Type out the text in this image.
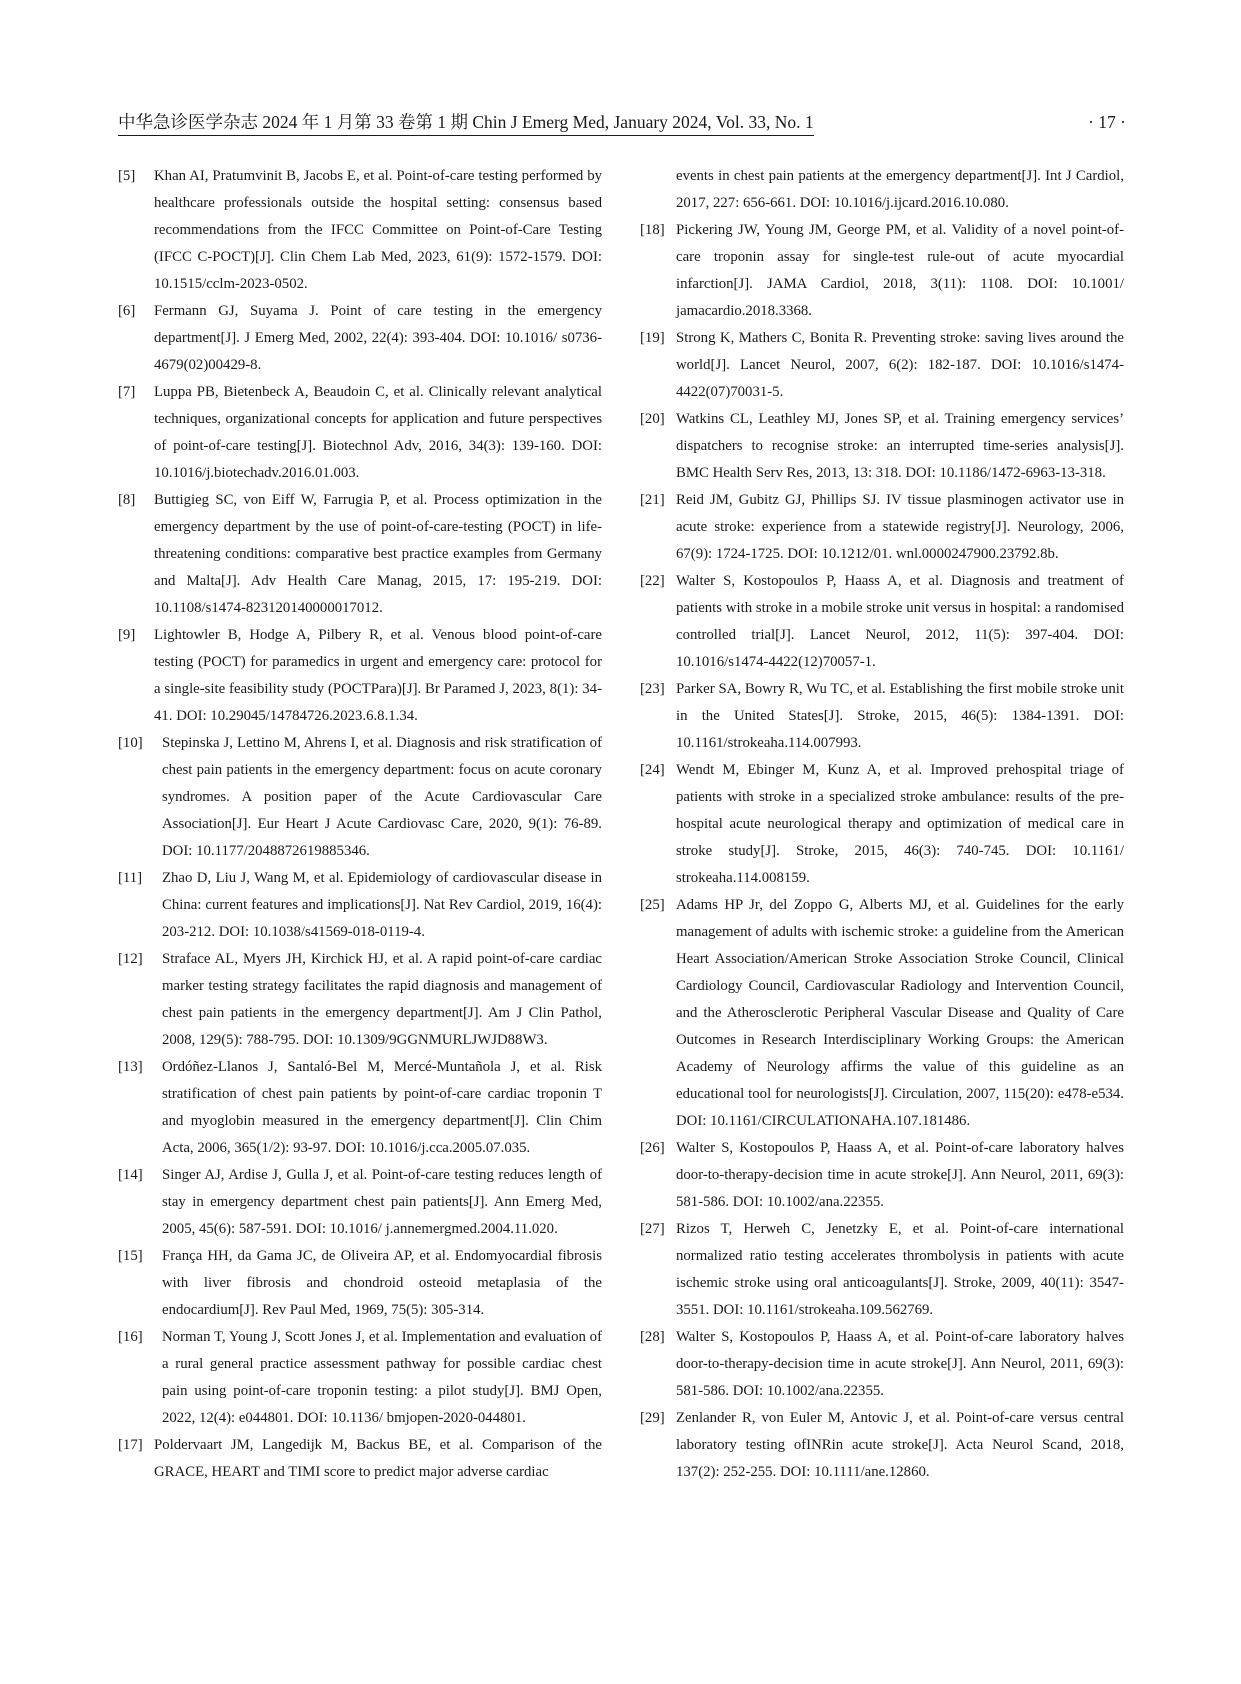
中华急诊医学杂志 2024 年 1 月第 33 卷第 1 期 Chin J Emerg Med, January 2024, Vol. 33, No. 1	· 17 ·
[5]	Khan AI, Pratumvinit B, Jacobs E, et al. Point-of-care testing performed by healthcare professionals outside the hospital setting: consensus based recommendations from the IFCC Committee on Point-of-Care Testing (IFCC C-POCT)[J]. Clin Chem Lab Med, 2023, 61(9): 1572-1579. DOI: 10.1515/cclm-2023-0502.
[6]	Fermann GJ, Suyama J. Point of care testing in the emergency department[J]. J Emerg Med, 2002, 22(4): 393-404. DOI: 10.1016/ s0736-4679(02)00429-8.
[7]	Luppa PB, Bietenbeck A, Beaudoin C, et al. Clinically relevant analytical techniques, organizational concepts for application and future perspectives of point-of-care testing[J]. Biotechnol Adv, 2016, 34(3): 139-160. DOI: 10.1016/j.biotechadv.2016.01.003.
[8]	Buttigieg SC, von Eiff W, Farrugia P, et al. Process optimization in the emergency department by the use of point-of-care-testing (POCT) in life-threatening conditions: comparative best practice examples from Germany and Malta[J]. Adv Health Care Manag, 2015, 17: 195-219. DOI: 10.1108/s1474-823120140000017012.
[9]	Lightowler B, Hodge A, Pilbery R, et al. Venous blood point-of-care testing (POCT) for paramedics in urgent and emergency care: protocol for a single-site feasibility study (POCTPara)[J]. Br Paramed J, 2023, 8(1): 34-41. DOI: 10.29045/14784726.2023.6.8.1.34.
[10]	Stepinska J, Lettino M, Ahrens I, et al. Diagnosis and risk stratification of chest pain patients in the emergency department: focus on acute coronary syndromes. A position paper of the Acute Cardiovascular Care Association[J]. Eur Heart J Acute Cardiovasc Care, 2020, 9(1): 76-89. DOI: 10.1177/2048872619885346.
[11]	Zhao D, Liu J, Wang M, et al. Epidemiology of cardiovascular disease in China: current features and implications[J]. Nat Rev Cardiol, 2019, 16(4): 203-212. DOI: 10.1038/s41569-018-0119-4.
[12]	Straface AL, Myers JH, Kirchick HJ, et al. A rapid point-of-care cardiac marker testing strategy facilitates the rapid diagnosis and management of chest pain patients in the emergency department[J]. Am J Clin Pathol, 2008, 129(5): 788-795. DOI: 10.1309/9GGNMURLJWJD88W3.
[13]	Ordóñez-Llanos J, Santaló-Bel M, Mercé-Muntañola J, et al. Risk stratification of chest pain patients by point-of-care cardiac troponin T and myoglobin measured in the emergency department[J]. Clin Chim Acta, 2006, 365(1/2): 93-97. DOI: 10.1016/j.cca.2005.07.035.
[14]	Singer AJ, Ardise J, Gulla J, et al. Point-of-care testing reduces length of stay in emergency department chest pain patients[J]. Ann Emerg Med, 2005, 45(6): 587-591. DOI: 10.1016/ j.annemergmed.2004.11.020.
[15]	França HH, da Gama JC, de Oliveira AP, et al. Endomyocardial fibrosis with liver fibrosis and chondroid osteoid metaplasia of the endocardium[J]. Rev Paul Med, 1969, 75(5): 305-314.
[16]	Norman T, Young J, Scott Jones J, et al. Implementation and evaluation of a rural general practice assessment pathway for possible cardiac chest pain using point-of-care troponin testing: a pilot study[J]. BMJ Open, 2022, 12(4): e044801. DOI: 10.1136/ bmjopen-2020-044801.
[17] Poldervaart JM, Langedijk M, Backus BE, et al. Comparison of the GRACE, HEART and TIMI score to predict major adverse cardiac
events in chest pain patients at the emergency department[J]. Int J Cardiol, 2017, 227: 656-661. DOI: 10.1016/j.ijcard.2016.10.080.
[18] Pickering JW, Young JM, George PM, et al. Validity of a novel point-of-care troponin assay for single-test rule-out of acute myocardial infarction[J]. JAMA Cardiol, 2018, 3(11): 1108. DOI: 10.1001/ jamacardio.2018.3368.
[19] Strong K, Mathers C, Bonita R. Preventing stroke: saving lives around the world[J]. Lancet Neurol, 2007, 6(2): 182-187. DOI: 10.1016/s1474-4422(07)70031-5.
[20] Watkins CL, Leathley MJ, Jones SP, et al. Training emergency services’ dispatchers to recognise stroke: an interrupted time-series analysis[J]. BMC Health Serv Res, 2013, 13: 318. DOI: 10.1186/1472-6963-13-318.
[21] Reid JM, Gubitz GJ, Phillips SJ. IV tissue plasminogen activator use in acute stroke: experience from a statewide registry[J]. Neurology, 2006, 67(9): 1724-1725. DOI: 10.1212/01. wnl.0000247900.23792.8b.
[22] Walter S, Kostopoulos P, Haass A, et al. Diagnosis and treatment of patients with stroke in a mobile stroke unit versus in hospital: a randomised controlled trial[J]. Lancet Neurol, 2012, 11(5): 397-404. DOI: 10.1016/s1474-4422(12)70057-1.
[23] Parker SA, Bowry R, Wu TC, et al. Establishing the first mobile stroke unit in the United States[J]. Stroke, 2015, 46(5): 1384-1391. DOI: 10.1161/strokeaha.114.007993.
[24] Wendt M, Ebinger M, Kunz A, et al. Improved prehospital triage of patients with stroke in a specialized stroke ambulance: results of the pre-hospital acute neurological therapy and optimization of medical care in stroke study[J]. Stroke, 2015, 46(3): 740-745. DOI: 10.1161/ strokeaha.114.008159.
[25] Adams HP Jr, del Zoppo G, Alberts MJ, et al. Guidelines for the early management of adults with ischemic stroke: a guideline from the American Heart Association/American Stroke Association Stroke Council, Clinical Cardiology Council, Cardiovascular Radiology and Intervention Council, and the Atherosclerotic Peripheral Vascular Disease and Quality of Care Outcomes in Research Interdisciplinary Working Groups: the American Academy of Neurology affirms the value of this guideline as an educational tool for neurologists[J]. Circulation, 2007, 115(20): e478-e534. DOI: 10.1161/CIRCULATIONAHA.107.181486.
[26] Walter S, Kostopoulos P, Haass A, et al. Point-of-care laboratory halves door-to-therapy-decision time in acute stroke[J]. Ann Neurol, 2011, 69(3): 581-586. DOI: 10.1002/ana.22355.
[27] Rizos T, Herweh C, Jenetzky E, et al. Point-of-care international normalized ratio testing accelerates thrombolysis in patients with acute ischemic stroke using oral anticoagulants[J]. Stroke, 2009, 40(11): 3547-3551. DOI: 10.1161/strokeaha.109.562769.
[28] Walter S, Kostopoulos P, Haass A, et al. Point-of-care laboratory halves door-to-therapy-decision time in acute stroke[J]. Ann Neurol, 2011, 69(3): 581-586. DOI: 10.1002/ana.22355.
[29] Zenlander R, von Euler M, Antovic J, et al. Point-of-care versus central laboratory testing ofINRin acute stroke[J]. Acta Neurol Scand, 2018, 137(2): 252-255. DOI: 10.1111/ane.12860.
